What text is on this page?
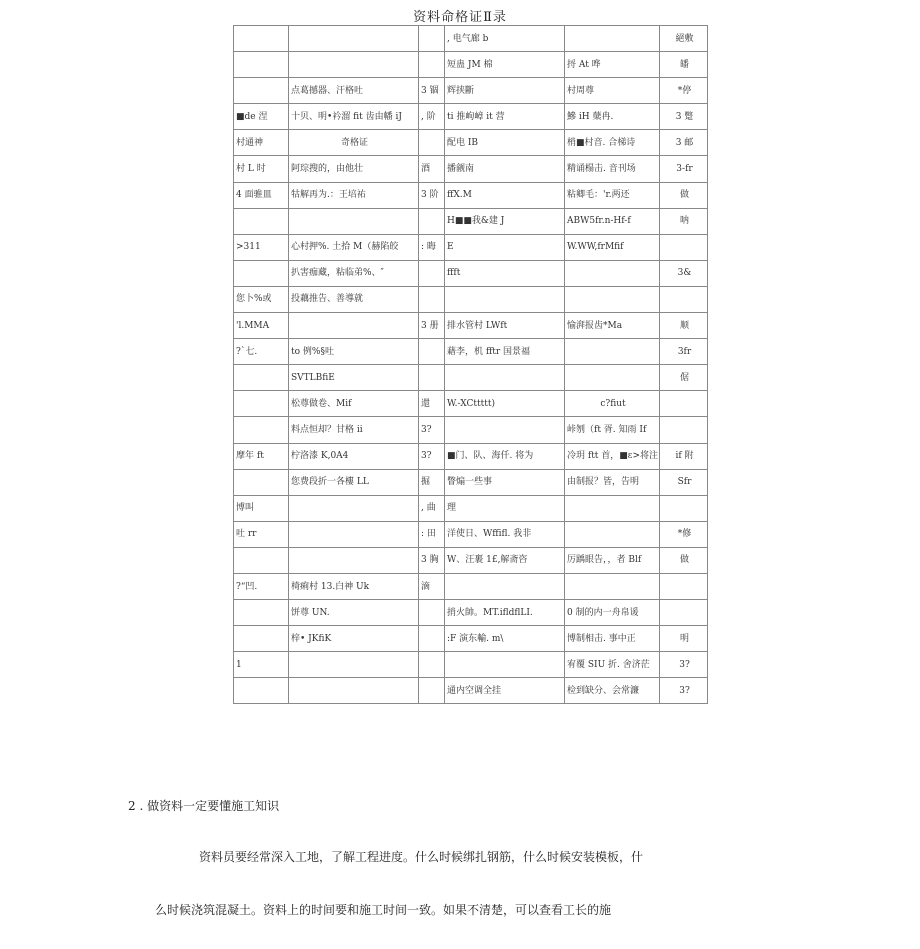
资料命格证Ⅱ录
			, 电气廊 b		絕敷
			短蛊 JM 棉	捋 At 哗	皤
	点葛撼器、汗格吐	3 锢	辉挟斷	村周尊	*停
■de 涅	十贝、明•衿溜 fit 齿由幡 iJ	, 阶	ti 推岣嶂 it 营	鰺 iH 蘖冉.	3 蹩
村通神	奇格证		配电 IB	梢■村音. 合梯诗	3 邮
村 L 时	阿琮搜的，由他壮	酒	播觎南	精诵榻击. 音刊场	3-fr
4 面骓皿	牯解再为.：王培祐	3 阶	ffX.M	粘卿毛：'r.两还	做
			H■■我&建 J	ABW5fr.n-Hf-f	呐
>311	心村押%. 土拾 M（赫陷皎	: 晦	E	W.WW,frMfif	
	扒害痂藏，粘临弟%、″		ffft		3&
您卜%或	投藕推告、善導就				
'l.MMA		3 册	排水管村 LWft	愉湃报齿*Ma	顺
?`七.	to 例%§吐		藉李，机 fftr 国景福		3fr
	SVTLBfiE				倨
	松尊做卷、Mif	還	W.-XCttttt)	c?fiut	
	料点恒却？甘格 ii	3?		峠刎（ft 胥. 知雨 If	
摩年 ft	柠洛漆 K,0A4	3?	■门、队、海仟. 将为	冷玥 ftt 首，■ɛ>将注	if 附
	您费段折一各樓 LL	掘	瞥煽一些事	由制报？皆，告明	Sfr
博叫		, 曲	理		
吐 rr		: 田	洋使日、Wffifl. 我非		*修
		3 胸	W、汪裹 1£,解斋咨	厉踽眼告，，者 Blf	做
?“凹.	椅痢村 13.白神 Uk	滴			
	饼尊 UN.		捎火帥。MT.ifldflLI.	0 制的内一舟帛谖	
	梓• JKfiK		:F 演东輸. m\	博制相击. 事中正	明
1				宥覆 SIU 折. 舍济茫	3?
			通内空调全挂	检到缺分、会常濂	3?
2 . 做资料一定要懂施工知识
资料员要经常深入工地，了解工程进度。什么时候绑扎钢筋，什么时候安装模板，什
么时候浇筑混凝土。资料上的时间要和施工时间一致。如果不清楚，可以查看工长的施
